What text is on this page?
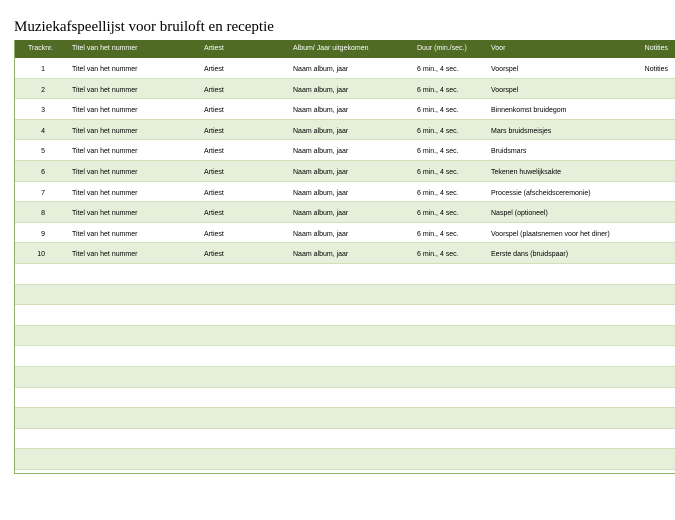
Muziekafspeellijst voor bruiloft en receptie
Tracknr.	Titel van het nummer	Artiest	Album/ Jaar uitgekomen	Duur (min./sec.)	Voor	Notities
1	Titel van het nummer	Artiest	Naam album, jaar	6 min., 4 sec.	Voorspel	Notities
2	Titel van het nummer	Artiest	Naam album, jaar	6 min., 4 sec.	Voorspel
3	Titel van het nummer	Artiest	Naam album, jaar	6 min., 4 sec.	Binnenkomst bruidegom
4	Titel van het nummer	Artiest	Naam album, jaar	6 min., 4 sec.	Mars bruidsmeisjes
5	Titel van het nummer	Artiest	Naam album, jaar	6 min., 4 sec.	Bruidsmars
6	Titel van het nummer	Artiest	Naam album, jaar	6 min., 4 sec.	Tekenen huwelijksakte
7	Titel van het nummer	Artiest	Naam album, jaar	6 min., 4 sec.	Processie (afscheidsceremonie)
8	Titel van het nummer	Artiest	Naam album, jaar	6 min., 4 sec.	Naspel (optioneel)
9	Titel van het nummer	Artiest	Naam album, jaar	6 min., 4 sec.	Voorspel (plaatsnemen voor het diner)
10	Titel van het nummer	Artiest	Naam album, jaar	6 min., 4 sec.	Eerste dans (bruidspaar)
